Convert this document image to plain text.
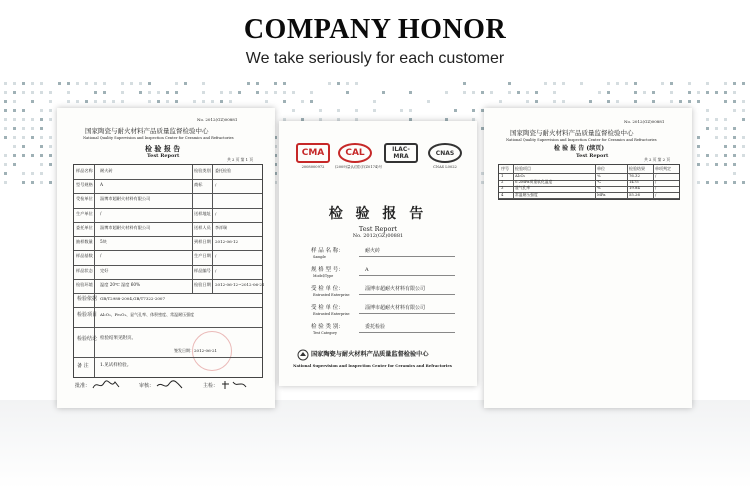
COMPANY HONOR
We take seriously for each customer
No. 2012(GZ)00881
国家陶瓷与耐火材料产品质量监督检验中心
National Quality Supervision and Inspection Center for Ceramics and Refractories
检 验 报 告
Test Report
共 2 页 第 1 页
样品名称 耐火砖	检验类别 委托检验
型号规格 A	商标	/
受检单位 淄博市超耐火材料有限公司
生产单位 /	送样地址 /
委托单位 淄博市超耐火材料有限公司	送样人员 李祥瑞
抽样数量 5块	到样日期 2012-06-12
样品基数 /	生产日期 /
样品状态 完好	样品编号 /
检验环境 温度 20℃ 湿度 60%	检验日期 2012-06-12~2012-06-21
检验依据 GB/T2988-2004,GB/T7322-2007
检验项目 Al₂O₃、Fe₂O₃、显气孔率、体积密度、常温耐压强度
检验结论 检验结果见附页。
签发日期：2012-06-21
备 注	1.见试样检验。
批准：	审核：	主检：
CMA
2008000972
CAL
(2009)量认(国)字(Z0174)号
ILAC-MRA	CNAS
CNAS L0022
检 验 报 告
Test Report
No. 2012(GZ)00881
样 品 名 称：
Sample
耐火砖
规 格 型 号：
Model/Type
A
受 检 单 位：
Entrusted Enterprise
淄博市超耐火材料有限公司
受 检 单 位：
Entrusted Enterprise
淄博市超耐火材料有限公司
检 验 类 别：
Test Category
委托检验
国家陶瓷与耐火材料产品质量监督检验中心
National Supervision and Inspection Center for Ceramics and Refractories
No. 2012(GZ)00881
国家陶瓷与耐火材料产品质量监督检验中心
National Quality Supervision and Inspection Center for Ceramics and Refractories
检 验 报 告 (续页)
Test Report
共 2 页 第 2 页
序号 检验项目	单位	检验结果	单项判定
1	Al₂O₃	%	76.32	/
2	0.2MPa荷重软化温度	℃	1475	/
3	显气孔率	%	19.84	/
4	常温耐压强度	MPa	55.26	/
